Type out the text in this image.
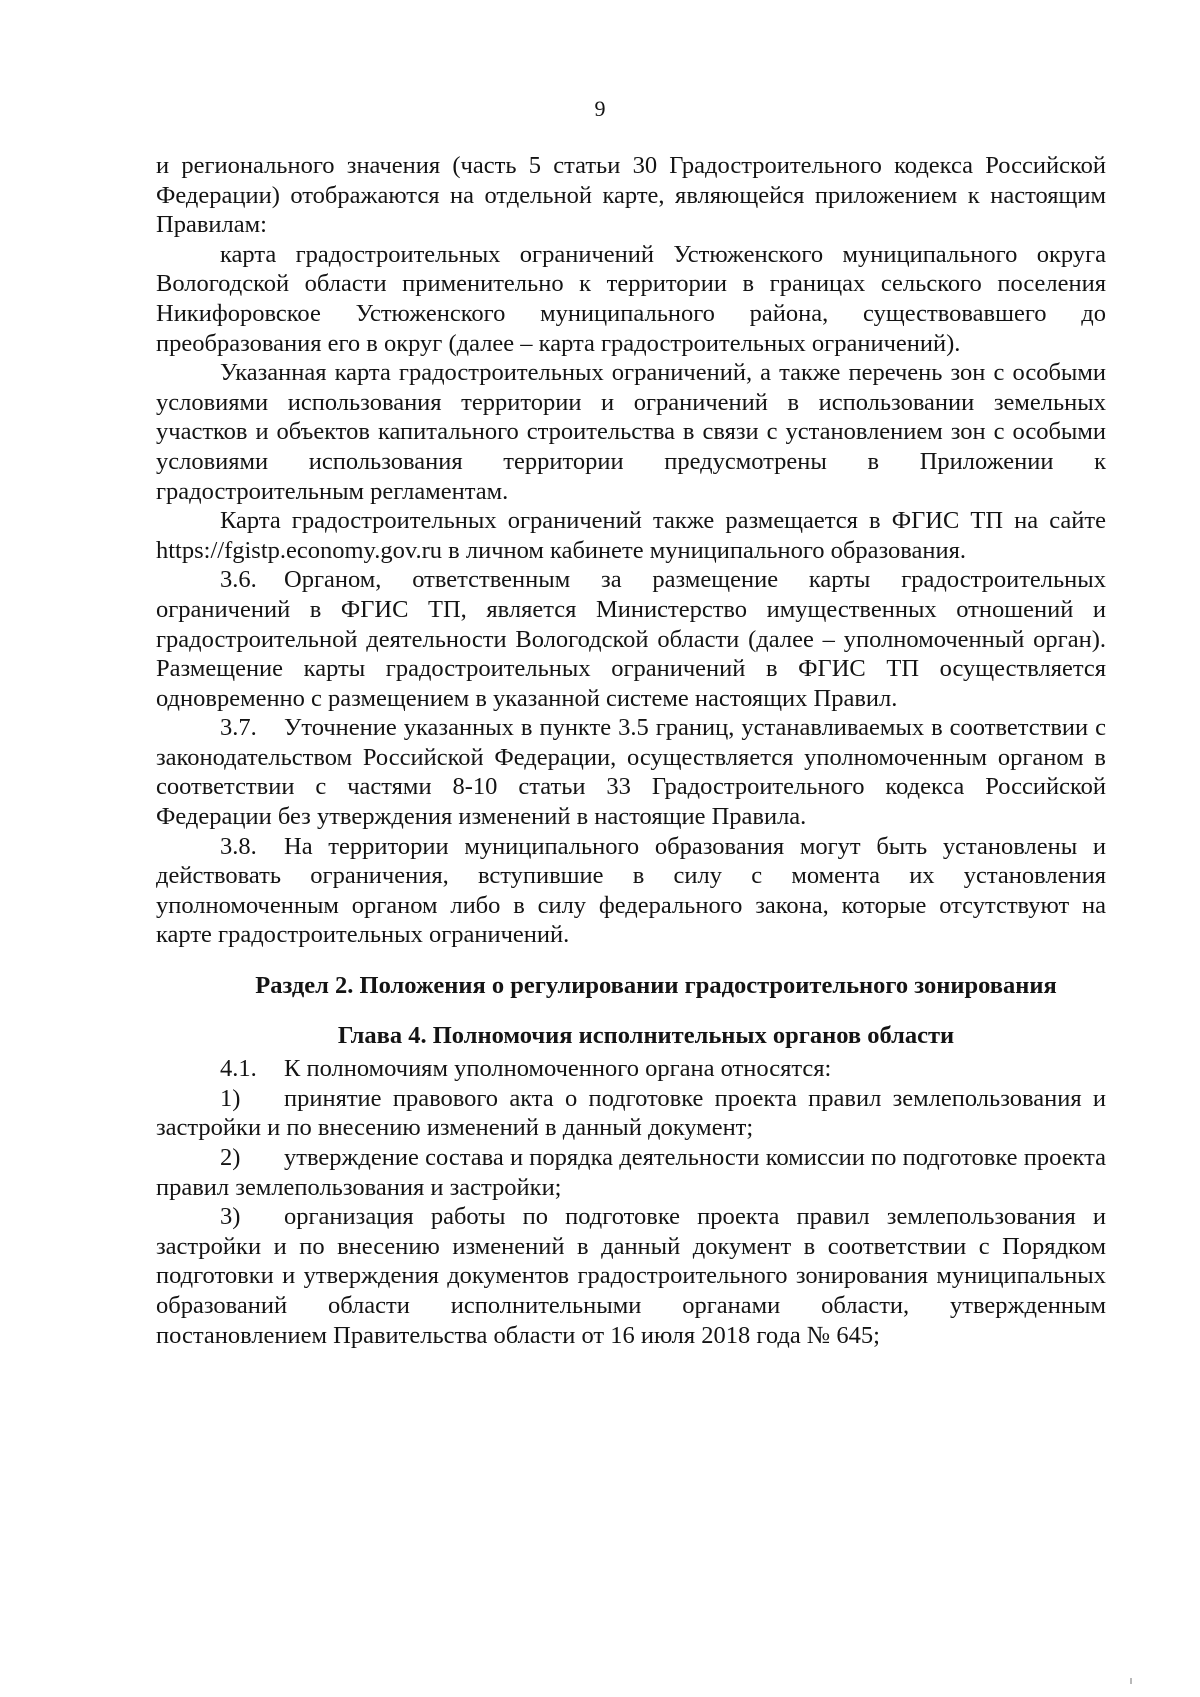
9

и регионального значения (часть 5 статьи 30 Градостроительного кодекса Российской Федерации) отображаются на отдельной карте, являющейся приложением к настоящим Правилам:

карта градостроительных ограничений Устюженского муниципального округа Вологодской области применительно к территории в границах сельского поселения Никифоровское Устюженского муниципального района, существовавшего до преобразования его в округ (далее – карта градостроительных ограничений).

Указанная карта градостроительных ограничений, а также перечень зон с особыми условиями использования территории и ограничений в использовании земельных участков и объектов капитального строительства в связи с установлением зон с особыми условиями использования территории предусмотрены в Приложении к градостроительным регламентам.

Карта градостроительных ограничений также размещается в ФГИС ТП на сайте https://fgistp.economy.gov.ru в личном кабинете муниципального образования.

3.6. Органом, ответственным за размещение карты градостроительных ограничений в ФГИС ТП, является Министерство имущественных отношений и градостроительной деятельности Вологодской области (далее – уполномоченный орган). Размещение карты градостроительных ограничений в ФГИС ТП осуществляется одновременно с размещением в указанной системе настоящих Правил.

3.7. Уточнение указанных в пункте 3.5 границ, устанавливаемых в соответствии с законодательством Российской Федерации, осуществляется уполномоченным органом в соответствии с частями 8-10 статьи 33 Градостроительного кодекса Российской Федерации без утверждения изменений в настоящие Правила.

3.8. На территории муниципального образования могут быть установлены и действовать ограничения, вступившие в силу с момента их установления уполномоченным органом либо в силу федерального закона, которые отсутствуют на карте градостроительных ограничений.

Раздел 2. Положения о регулировании градостроительного зонирования

Глава 4. Полномочия исполнительных органов области

4.1. К полномочиям уполномоченного органа относятся:

1) принятие правового акта о подготовке проекта правил землепользования и застройки и по внесению изменений в данный документ;

2) утверждение состава и порядка деятельности комиссии по подготовке проекта правил землепользования и застройки;

3) организация работы по подготовке проекта правил землепользования и застройки и по внесению изменений в данный документ в соответствии с Порядком подготовки и утверждения документов градостроительного зонирования муниципальных образований области исполнительными органами области, утвержденным постановлением Правительства области от 16 июля 2018 года № 645;
